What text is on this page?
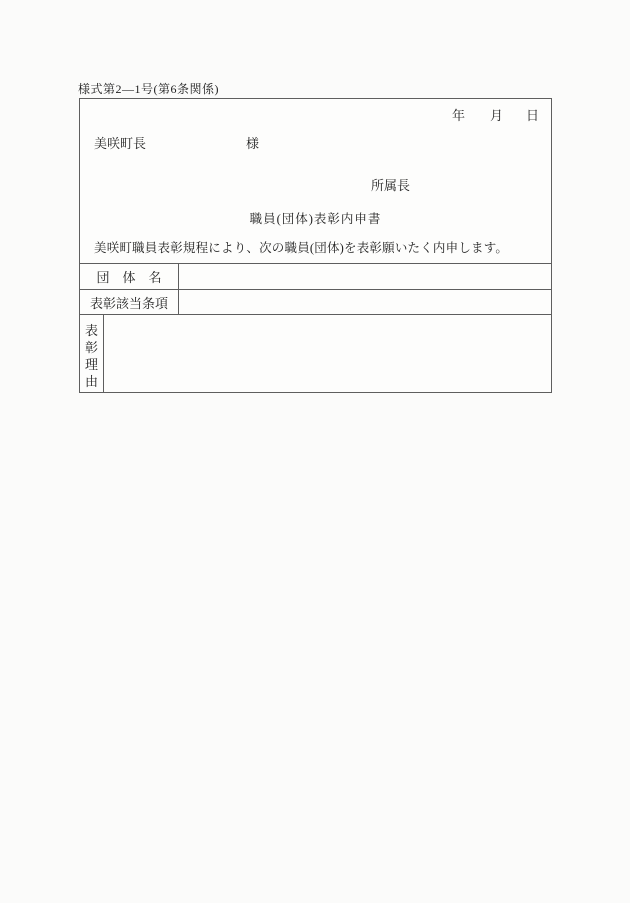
様式第2―1号(第6条関係)
年 月 日
美咲町長	様
所属長
職員(団体)表彰内申書
美咲町職員表彰規程により、次の職員(団体)を表彰願いたく内申します。
団　体　名
表彰該当条項
表
彰
理
由
